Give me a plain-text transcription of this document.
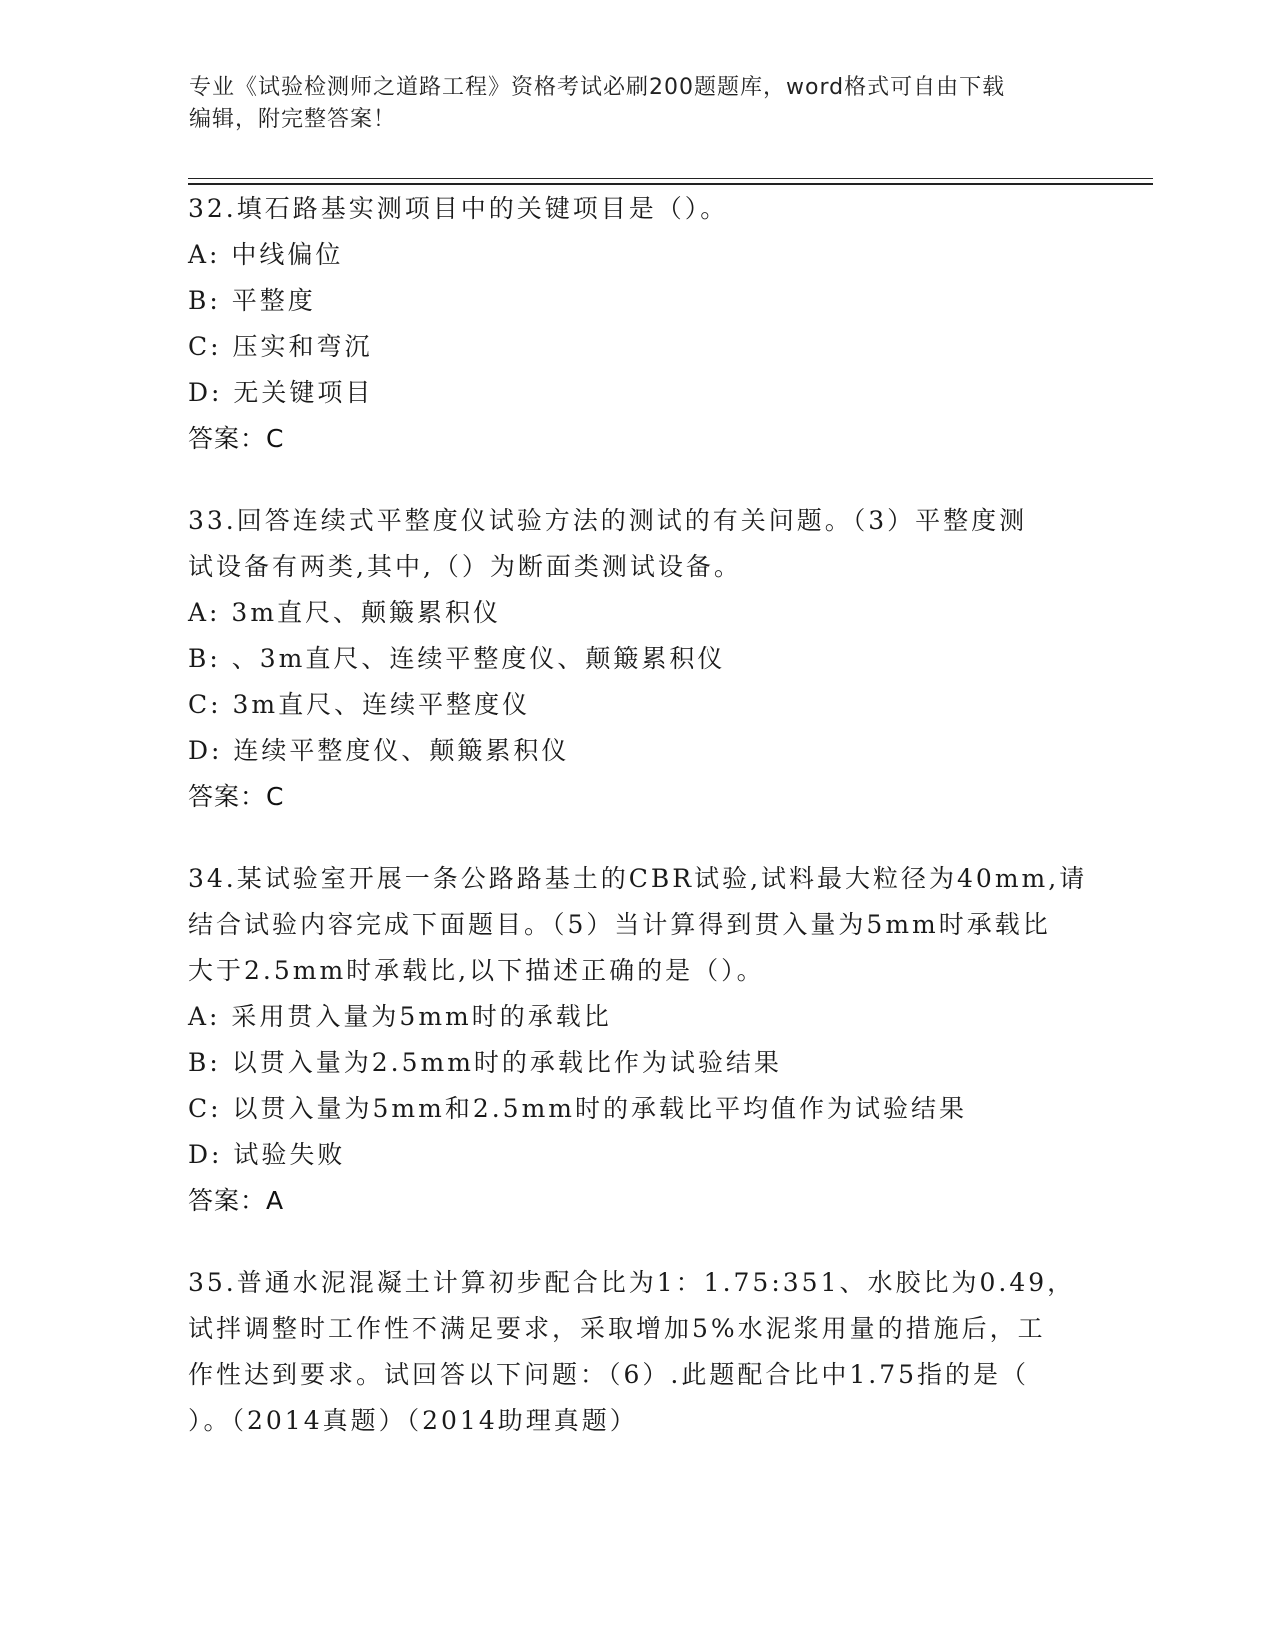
专业《试验检测师之道路工程》资格考试必刷200题题库，word格式可自由下载
编辑，附完整答案！

32.填石路基实测项目中的关键项目是（）。

A: 中线偏位

B: 平整度

C: 压实和弯沉

D: 无关键项目

答案：C

33.回答连续式平整度仪试验方法的测试的有关问题。（3）平整度测

试设备有两类,其中,（）为断面类测试设备。

A: 3m直尺、颠簸累积仪

B: 、3m直尺、连续平整度仪、颠簸累积仪

C: 3m直尺、连续平整度仪

D: 连续平整度仪、颠簸累积仪

答案：C

34.某试验室开展一条公路路基土的CBR试验,试料最大粒径为40mm,请

结合试验内容完成下面题目。（5）当计算得到贯入量为5mm时承载比

大于2.5mm时承载比,以下描述正确的是（）。

A: 采用贯入量为5mm时的承载比

B: 以贯入量为2.5mm时的承载比作为试验结果

C: 以贯入量为5mm和2.5mm时的承载比平均值作为试验结果

D: 试验失败

答案：A

35.普通水泥混凝土计算初步配合比为1：1.75:351、水胶比为0.49，

试拌调整时工作性不满足要求，采取增加5%水泥浆用量的措施后，工

作性达到要求。试回答以下问题：（6）.此题配合比中1.75指的是（

）。（2014真题）（2014助理真题）
